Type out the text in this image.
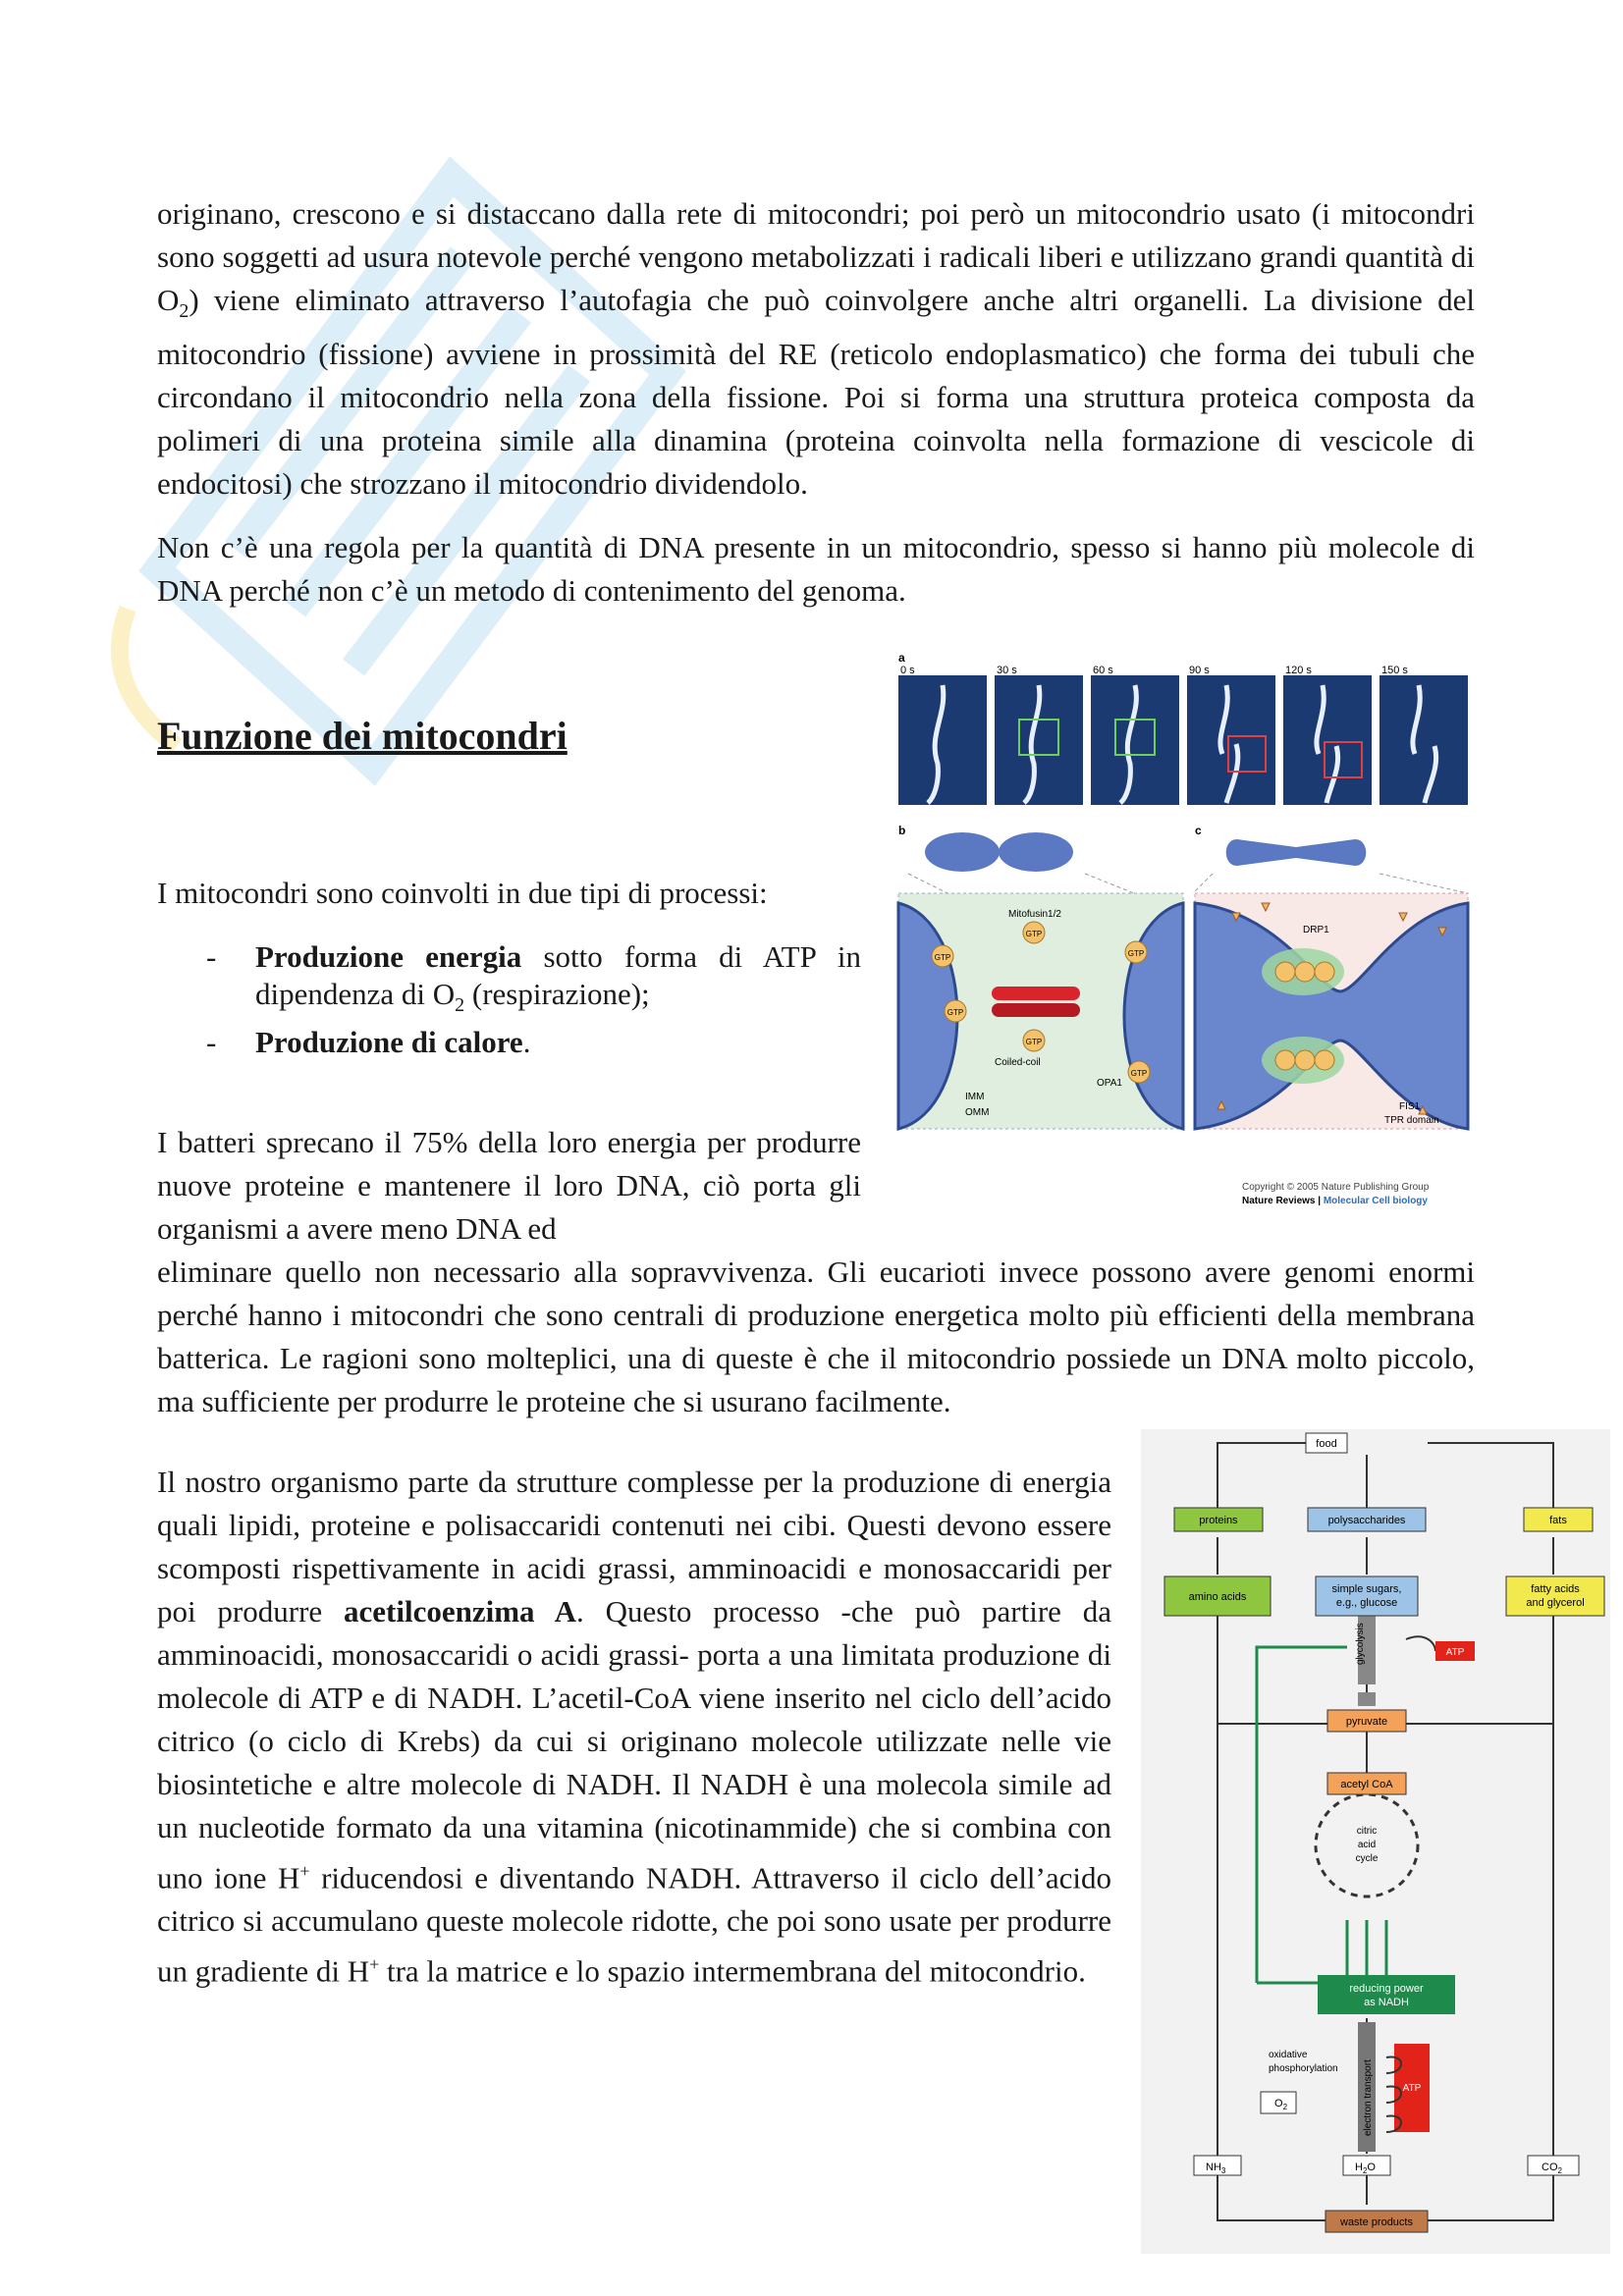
originano, crescono e si distaccano dalla rete di mitocondri; poi però un mitocondrio usato (i mitocondri sono soggetti ad usura notevole perché vengono metabolizzati i radicali liberi e utilizzano grandi quantità di $O_2$) viene eliminato attraverso l’autofagia che può coinvolgere anche altri organelli. La divisione del mitocondrio (fissione) avviene in prossimità del RE (reticolo endoplasmatico) che forma dei tubuli che circondano il mitocondrio nella zona della fissione. Poi si forma una struttura proteica composta da polimeri di una proteina simile alla dinamina (proteina coinvolta nella formazione di vescicole di endocitosi) che strozzano il mitocondrio dividendolo.

Non c’è una regola per la quantità di DNA presente in un mitocondrio, spesso si hanno più molecole di DNA perché non c’è un metodo di contenimento del genoma.

Funzione dei mitocondri

I mitocondri sono coinvolti in due tipi di processi:

- Produzione energia sotto forma di ATP in dipendenza di $O_2$ (respirazione);
- Produzione di calore.

I batteri sprecano il 75% della loro energia per produrre nuove proteine e mantenere il loro DNA, ciò porta gli organismi a avere meno DNA ed

eliminare quello non necessario alla sopravvivenza. Gli eucarioti invece possono avere genomi enormi perché hanno i mitocondri che sono centrali di produzione energetica molto più efficienti della membrana batterica. Le ragioni sono molteplici, una di queste è che il mitocondrio possiede un DNA molto piccolo, ma sufficiente per produrre le proteine che si usurano facilmente.

Il nostro organismo parte da strutture complesse per la produzione di energia quali lipidi, proteine e polisaccaridi contenuti nei cibi. Questi devono essere scomposti rispettivamente in acidi grassi, amminoacidi e monosaccaridi per poi produrre acetilcoenzima A. Questo processo -che può partire da amminoacidi, monosaccaridi o acidi grassi- porta a una limitata produzione di molecole di ATP e di NADH. L’acetil-CoA viene inserito nel ciclo dell’acido citrico (o ciclo di Krebs) da cui si originano molecole utilizzate nelle vie biosintetiche e altre molecole di NADH. Il NADH è una molecola simile ad un nucleotide formato da una vitamina (nicotinammide) che si combina con uno ione H+ riducendosi e diventando NADH. Attraverso il ciclo dell’acido citrico si accumulano queste molecole ridotte, che poi sono usate per produrre un gradiente di H+ tra la matrice e lo spazio intermembrana del mitocondrio.

a
0 s	30 s	60 s	90 s	120 s	150 s
b
GTP
GTP
GTP
GTP
GTP
GTP
Mitofusin1/2
Coiled-coil
IMM
OMM
OPA1
c
DRP1
FIS1
TPR domain
Copyright © 2005 Nature Publishing Group
Nature Reviews | Molecular Cell biology
food
proteins	polysaccharides	fats
amino acids
simple sugars,
e.g., glucose
fatty acids
and glycerol
glycolysis	ATP
pyruvate
acetyl CoA
citric
acid
cycle
reducing power
as NADH
oxidative
phosphorylation	electron transport	ATP
$O_2$
$NH_3$	$H_2O$	$CO_2$
waste products
